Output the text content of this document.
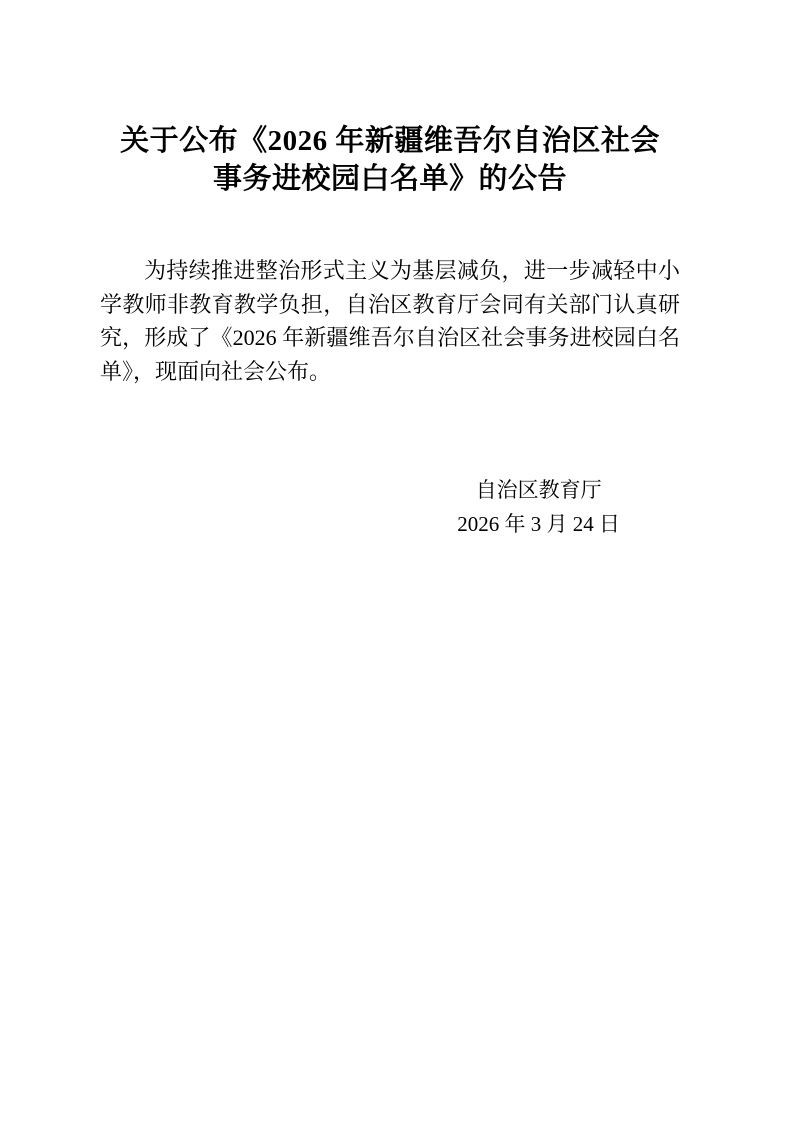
关于公布《2026 年新疆维吾尔自治区社会
事务进校园白名单》的公告

为持续推进整治形式主义为基层减负，进一步减轻中小学教师非教育教学负担，自治区教育厅会同有关部门认真研究，形成了《2026 年新疆维吾尔自治区社会事务进校园白名单》，现面向社会公布。

自治区教育厅
2026 年 3 月 24 日
